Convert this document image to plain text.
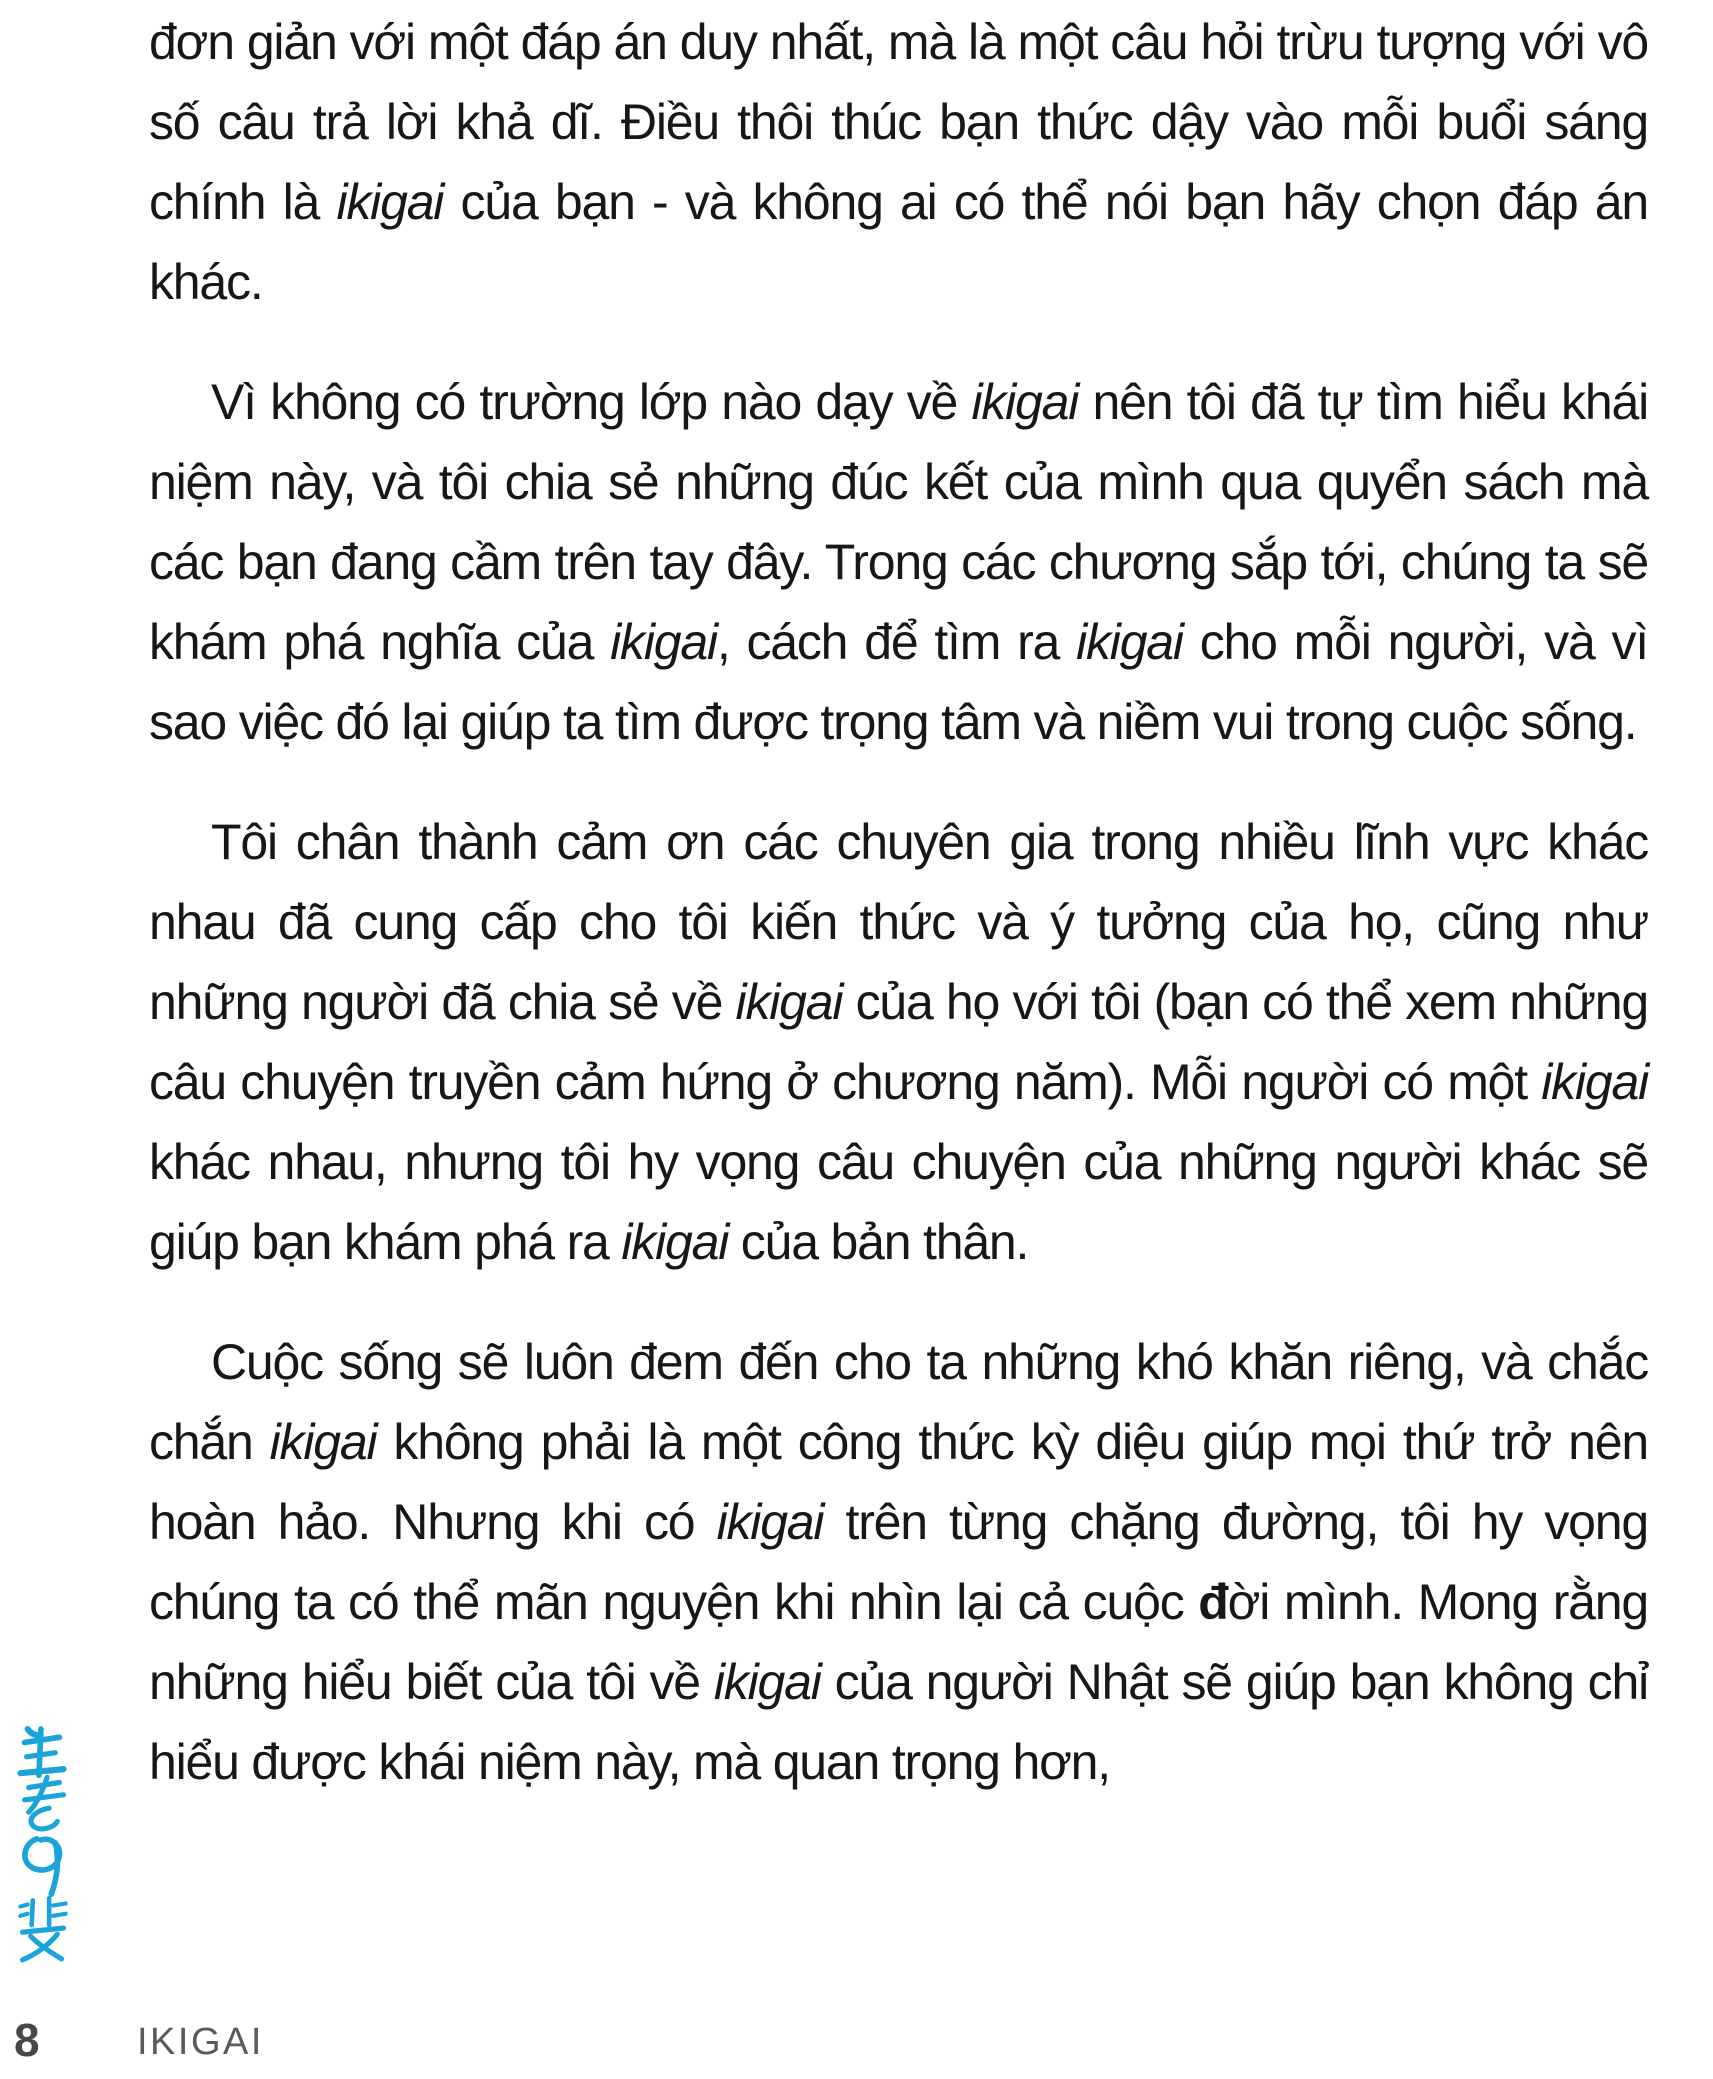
đơn giản với một đáp án duy nhất, mà là một câu hỏi trừu tượng với vô số câu trả lời khả dĩ. Điều thôi thúc bạn thức dậy vào mỗi buổi sáng chính là ikigai của bạn - và không ai có thể nói bạn hãy chọn đáp án khác.

Vì không có trường lớp nào dạy về ikigai nên tôi đã tự tìm hiểu khái niệm này, và tôi chia sẻ những đúc kết của mình qua quyển sách mà các bạn đang cầm trên tay đây. Trong các chương sắp tới, chúng ta sẽ khám phá nghĩa của ikigai, cách để tìm ra ikigai cho mỗi người, và vì sao việc đó lại giúp ta tìm được trọng tâm và niềm vui trong cuộc sống.

Tôi chân thành cảm ơn các chuyên gia trong nhiều lĩnh vực khác nhau đã cung cấp cho tôi kiến thức và ý tưởng của họ, cũng như những người đã chia sẻ về ikigai của họ với tôi (bạn có thể xem những câu chuyện truyền cảm hứng ở chương năm). Mỗi người có một ikigai khác nhau, nhưng tôi hy vọng câu chuyện của những người khác sẽ giúp bạn khám phá ra ikigai của bản thân.

Cuộc sống sẽ luôn đem đến cho ta những khó khăn riêng, và chắc chắn ikigai không phải là một công thức kỳ diệu giúp mọi thứ trở nên hoàn hảo. Nhưng khi có ikigai trên từng chặng đường, tôi hy vọng chúng ta có thể mãn nguyện khi nhìn lại cả cuộc đời mình. Mong rằng những hiểu biết của tôi về ikigai của người Nhật sẽ giúp bạn không chỉ hiểu được khái niệm này, mà quan trọng hơn,

8	IKIGAI
